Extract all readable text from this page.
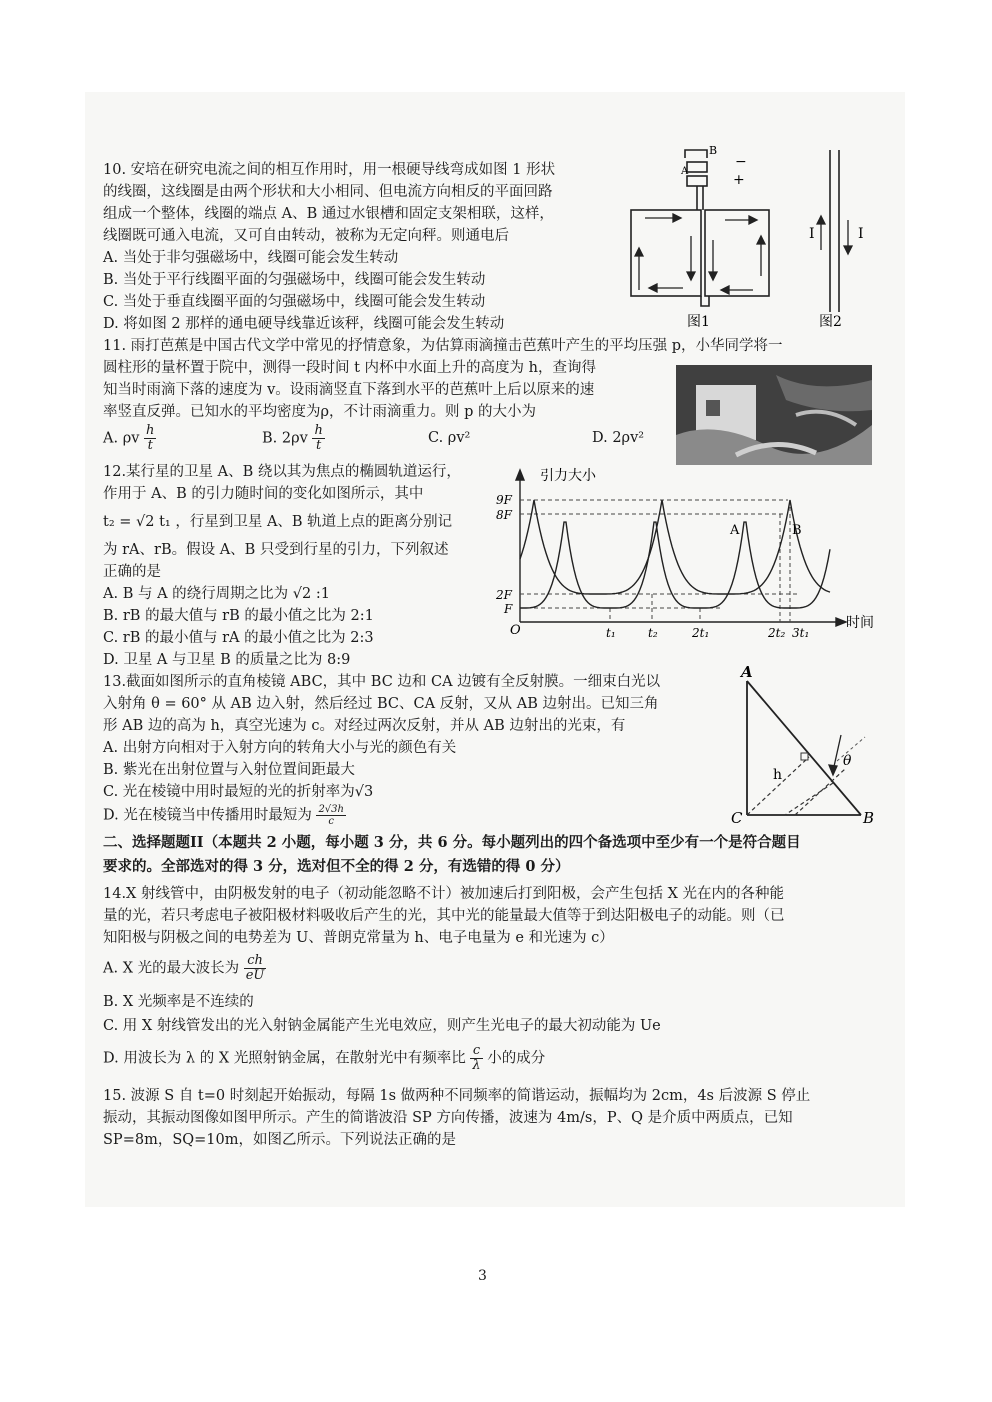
10. 安培在研究电流之间的相互作用时，用一根硬导线弯成如图 1 形状
的线圈，这线圈是由两个形状和大小相同、但电流方向相反的平面回路
组成一个整体，线圈的端点 A、B 通过水银槽和固定支架相联，这样，
线圈既可通入电流，又可自由转动，被称为无定向秤。则通电后
A. 当处于非匀强磁场中，线圈可能会发生转动
B. 当处于平行线圈平面的匀强磁场中，线圈可能会发生转动
C. 当处于垂直线圈平面的匀强磁场中，线圈可能会发生转动
D. 将如图 2 那样的通电硬导线靠近该秤，线圈可能会发生转动
B
A
−
+
图1
I	I
图2
11. 雨打芭蕉是中国古代文学中常见的抒情意象，为估算雨滴撞击芭蕉叶产生的平均压强 p，小华同学将一
圆柱形的量杯置于院中，测得一段时间 t 内杯中水面上升的高度为 h，查询得
知当时雨滴下落的速度为 v。设雨滴竖直下落到水平的芭蕉叶上后以原来的速
率竖直反弹。已知水的平均密度为ρ，不计雨滴重力。则 p 的大小为
A. ρv $\frac{h}{t}$	B. $2\rho v \frac{h}{t}$	C. ρv²	D. 2ρv²
12.某行星的卫星 A、B 绕以其为焦点的椭圆轨道运行，
作用于 A、B 的引力随时间的变化如图所示，其中
t₂ = √2 t₁ ，行星到卫星 A、B 轨道上点的距离分别记
为 rA、rB。假设 A、B 只受到行星的引力，下列叙述
正确的是
A. B 与 A 的绕行周期之比为 √2 :1
B. rB 的最大值与 rB 的最小值之比为 2:1
C. rB 的最小值与 rA 的最小值之比为 2:3
D. 卫星 A 与卫星 B 的质量之比为 8:9
引力大小
时间
O
9F
8F
2F
F
t₁	t₂	2t₁	2t₂ 3t₁
A	B
13.截面如图所示的直角棱镜 ABC，其中 BC 边和 CA 边镀有全反射膜。一细束白光以
入射角 θ = 60° 从 AB 边入射，然后经过 BC、CA 反射，又从 AB 边射出。已知三角
形 AB 边的高为 h，真空光速为 c。对经过两次反射，并从 AB 边射出的光束，有
A. 出射方向相对于入射方向的转角大小与光的颜色有关
B. 紫光在出射位置与入射位置间距最大
C. 光在棱镜中用时最短的光的折射率为√3
D. 光在棱镜当中传播用时最短为 $\frac{2√3h}{c}$
A
B
C
h
θ
二、选择题题II（本题共 2 小题，每小题 3 分，共 6 分。每小题列出的四个备选项中至少有一个是符合题目
要求的。全部选对的得 3 分，选对但不全的得 2 分，有选错的得 0 分）
14.X 射线管中，由阴极发射的电子（初动能忽略不计）被加速后打到阳极，会产生包括 X 光在内的各种能
量的光，若只考虑电子被阳极材料吸收后产生的光，其中光的能量最大值等于到达阳极电子的动能。则（已
知阳极与阴极之间的电势差为 U、普朗克常量为 h、电子电量为 e 和光速为 c）
A. X 光的最大波长为 $\frac{ch}{eU}$
B. X 光频率是不连续的
C. 用 X 射线管发出的光入射钠金属能产生光电效应，则产生光电子的最大初动能为 Ue
D. 用波长为 λ 的 X 光照射钠金属，在散射光中有频率比 $\frac{c}{\lambda}$ 小的成分
15. 波源 S 自 t=0 时刻起开始振动，每隔 1s 做两种不同频率的简谐运动，振幅均为 2cm，4s 后波源 S 停止
振动，其振动图像如图甲所示。产生的简谐波沿 SP 方向传播，波速为 4m/s，P、Q 是介质中两质点，已知
SP=8m，SQ=10m，如图乙所示。下列说法正确的是
3
